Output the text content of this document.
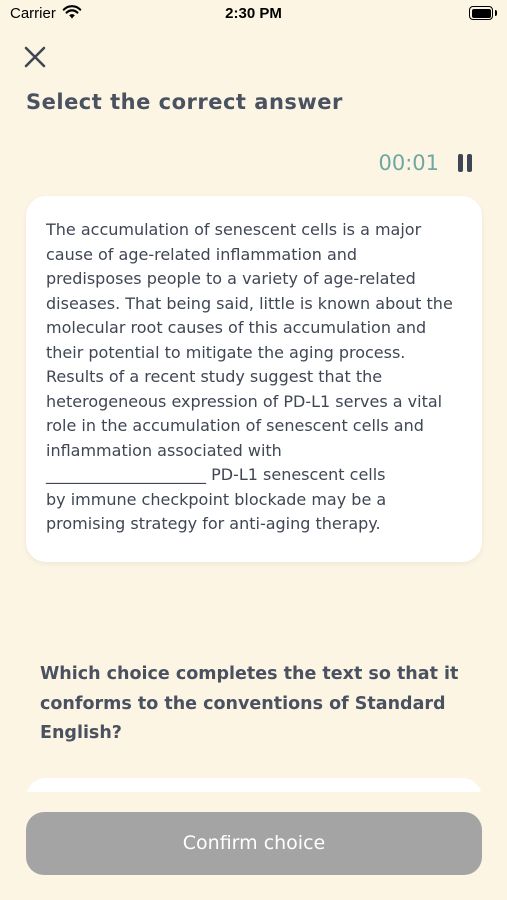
Carrier	2:30 PM
Select the correct answer
00:01
The accumulation of senescent cells is a major
cause of age-related inflammation and
predisposes people to a variety of age-related
diseases. That being said, little is known about the
molecular root causes of this accumulation and
their potential to mitigate the aging process.
Results of a recent study suggest that the
heterogeneous expression of PD-L1 serves a vital
role in the accumulation of senescent cells and
inflammation associated with
____________________ PD-L1 senescent cells
by immune checkpoint blockade may be a
promising strategy for anti-aging therapy.
Which choice completes the text so that it conforms to the conventions of Standard English?
Confirm choice
